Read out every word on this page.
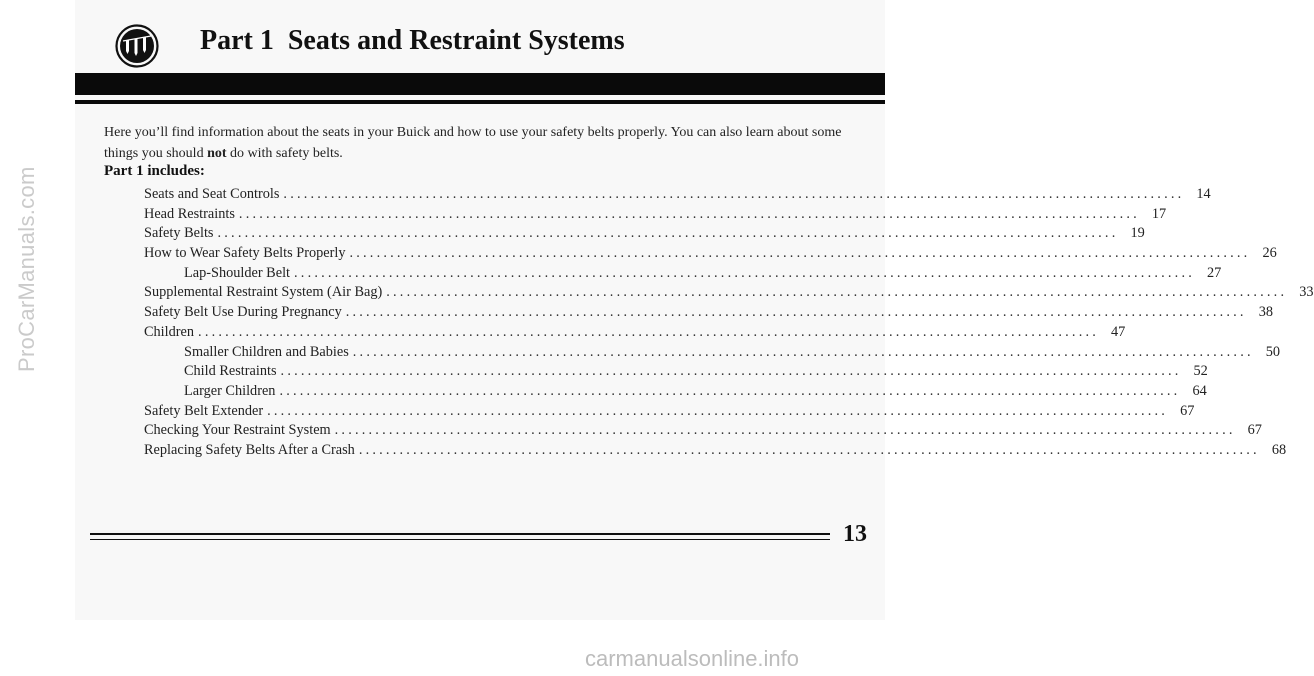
Part 1 Seats and Restraint Systems
Here you’ll find information about the seats in your Buick and how to use your safety belts properly. You can also learn about some things you should not do with safety belts.
Part 1 includes:
Seats and Seat Controls ..................................................................................................................................... 14
Head Restraints ..................................................................................................................................... 17
Safety Belts ..................................................................................................................................... 19
How to Wear Safety Belts Properly ..................................................................................................................................... 26
Lap-Shoulder Belt ..................................................................................................................................... 27
Supplemental Restraint System (Air Bag) ..................................................................................................................................... 33
Safety Belt Use During Pregnancy ..................................................................................................................................... 38
Children ..................................................................................................................................... 47
Smaller Children and Babies ..................................................................................................................................... 50
Child Restraints ..................................................................................................................................... 52
Larger Children ..................................................................................................................................... 64
Safety Belt Extender ..................................................................................................................................... 67
Checking Your Restraint System ..................................................................................................................................... 67
Replacing Safety Belts After a Crash ..................................................................................................................................... 68
13
ProCarManuals.com
carmanualsonline.info
